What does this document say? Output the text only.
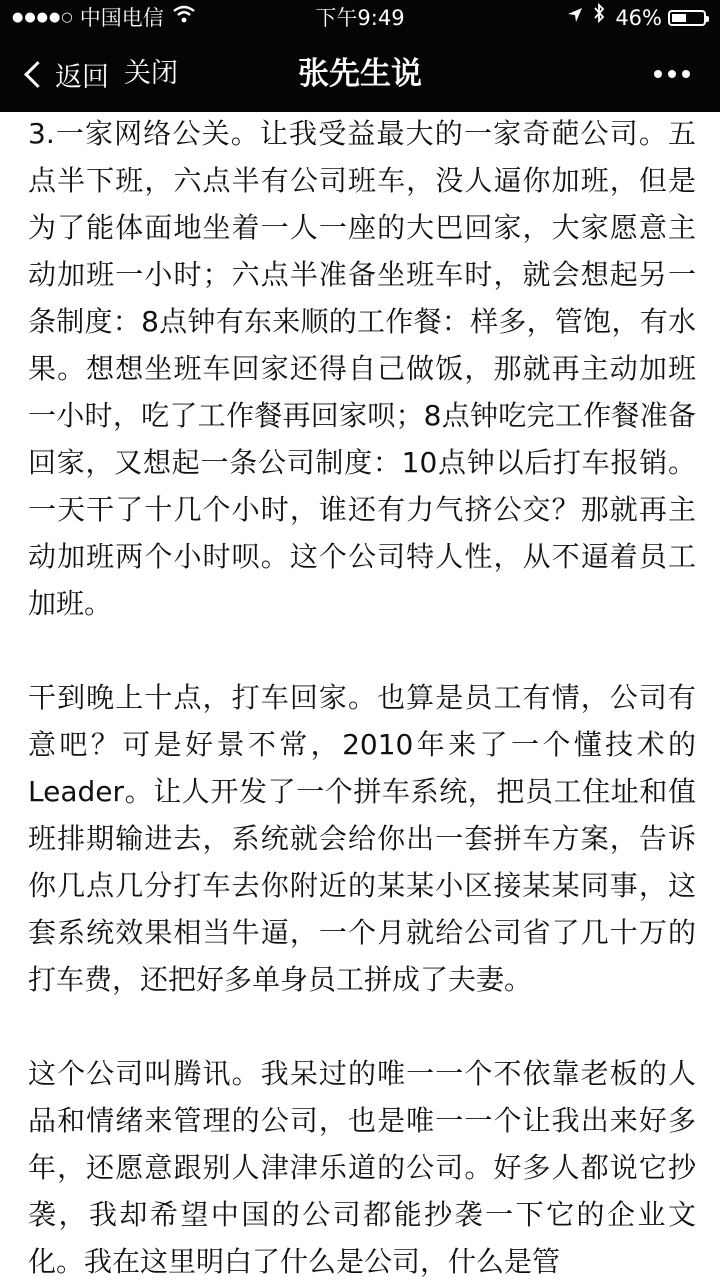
●●●●○ 中国电信	下午9:49	46%
返回 关闭	张先生说

3.一家网络公关。让我受益最大的一家奇葩公司。五点半下班，六点半有公司班车，没人逼你加班，但是为了能体面地坐着一人一座的大巴回家，大家愿意主动加班一小时；六点半准备坐班车时，就会想起另一条制度：8点钟有东来顺的工作餐：样多，管饱，有水果。想想坐班车回家还得自己做饭，那就再主动加班一小时，吃了工作餐再回家呗；8点钟吃完工作餐准备回家，又想起一条公司制度：10点钟以后打车报销。一天干了十几个小时，谁还有力气挤公交？那就再主动加班两个小时呗。这个公司特人性，从不逼着员工加班。

干到晚上十点，打车回家。也算是员工有情，公司有意吧？可是好景不常，2010年来了一个懂技术的Leader。让人开发了一个拼车系统，把员工住址和值班排期输进去，系统就会给你出一套拼车方案，告诉你几点几分打车去你附近的某某小区接某某同事，这套系统效果相当牛逼，一个月就给公司省了几十万的打车费，还把好多单身员工拼成了夫妻。

这个公司叫腾讯。我呆过的唯一一个不依靠老板的人品和情绪来管理的公司，也是唯一一个让我出来好多年，还愿意跟别人津津乐道的公司。好多人都说它抄袭，我却希望中国的公司都能抄袭一下它的企业文化。我在这里明白了什么是公司，什么是管
